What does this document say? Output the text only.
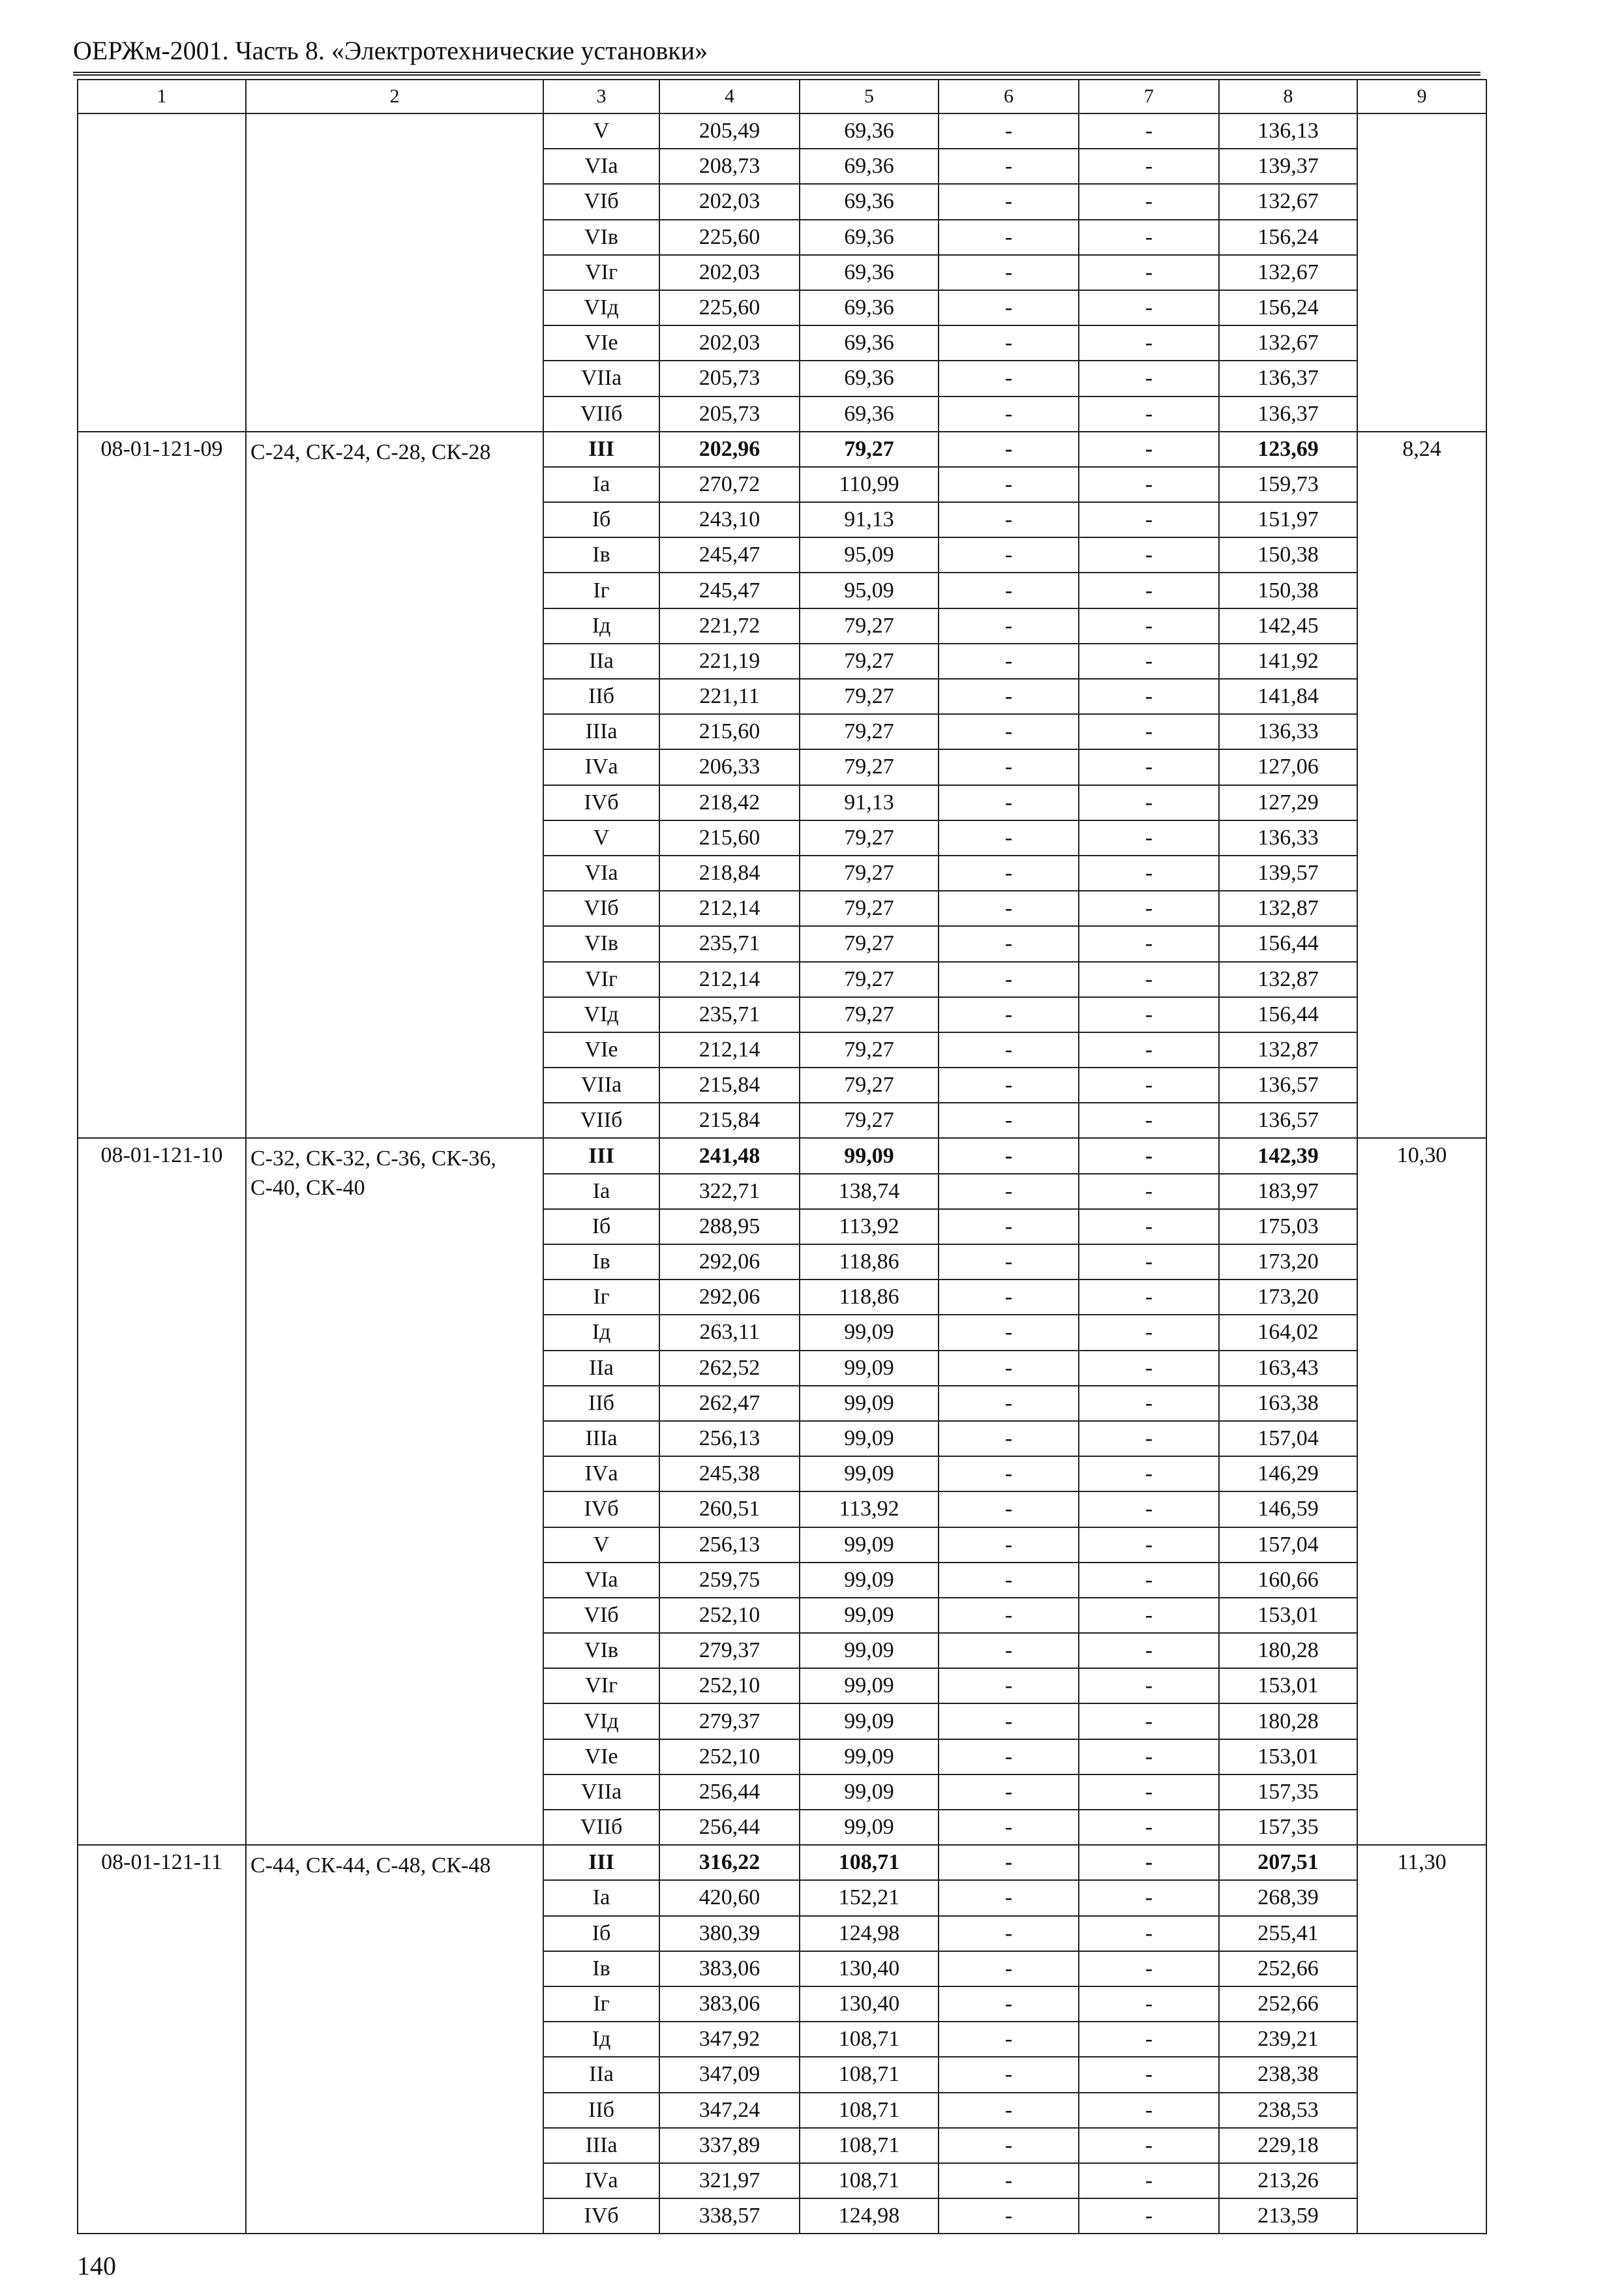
ОЕРЖм-2001. Часть 8. «Электротехнические установки»
1	2	3	4	5	6	7	8	9
		V	205,49	69,36	-	-	136,13	
		VIа	208,73	69,36	-	-	139,37	
		VIб	202,03	69,36	-	-	132,67	
		VIв	225,60	69,36	-	-	156,24	
		VIг	202,03	69,36	-	-	132,67	
		VIд	225,60	69,36	-	-	156,24	
		VIе	202,03	69,36	-	-	132,67	
		VIIа	205,73	69,36	-	-	136,37	
		VIIб	205,73	69,36	-	-	136,37	
08-01-121-09	С-24, СК-24, С-28, СК-28	III	202,96	79,27	-	-	123,69	8,24
		Iа	270,72	110,99	-	-	159,73	
		Iб	243,10	91,13	-	-	151,97	
		Iв	245,47	95,09	-	-	150,38	
		Iг	245,47	95,09	-	-	150,38	
		Iд	221,72	79,27	-	-	142,45	
		IIа	221,19	79,27	-	-	141,92	
		IIб	221,11	79,27	-	-	141,84	
		IIIа	215,60	79,27	-	-	136,33	
		IVа	206,33	79,27	-	-	127,06	
		IVб	218,42	91,13	-	-	127,29	
		V	215,60	79,27	-	-	136,33	
		VIа	218,84	79,27	-	-	139,57	
		VIб	212,14	79,27	-	-	132,87	
		VIв	235,71	79,27	-	-	156,44	
		VIг	212,14	79,27	-	-	132,87	
		VIд	235,71	79,27	-	-	156,44	
		VIе	212,14	79,27	-	-	132,87	
		VIIа	215,84	79,27	-	-	136,57	
		VIIб	215,84	79,27	-	-	136,57	
08-01-121-10	С-32, СК-32, С-36, СК-36, С-40, СК-40	III	241,48	99,09	-	-	142,39	10,30
		Iа	322,71	138,74	-	-	183,97	
		Iб	288,95	113,92	-	-	175,03	
		Iв	292,06	118,86	-	-	173,20	
		Iг	292,06	118,86	-	-	173,20	
		Iд	263,11	99,09	-	-	164,02	
		IIа	262,52	99,09	-	-	163,43	
		IIб	262,47	99,09	-	-	163,38	
		IIIа	256,13	99,09	-	-	157,04	
		IVа	245,38	99,09	-	-	146,29	
		IVб	260,51	113,92	-	-	146,59	
		V	256,13	99,09	-	-	157,04	
		VIа	259,75	99,09	-	-	160,66	
		VIб	252,10	99,09	-	-	153,01	
		VIв	279,37	99,09	-	-	180,28	
		VIг	252,10	99,09	-	-	153,01	
		VIд	279,37	99,09	-	-	180,28	
		VIе	252,10	99,09	-	-	153,01	
		VIIа	256,44	99,09	-	-	157,35	
		VIIб	256,44	99,09	-	-	157,35	
08-01-121-11	С-44, СК-44, С-48, СК-48	III	316,22	108,71	-	-	207,51	11,30
		Iа	420,60	152,21	-	-	268,39	
		Iб	380,39	124,98	-	-	255,41	
		Iв	383,06	130,40	-	-	252,66	
		Iг	383,06	130,40	-	-	252,66	
		Iд	347,92	108,71	-	-	239,21	
		IIа	347,09	108,71	-	-	238,38	
		IIб	347,24	108,71	-	-	238,53	
		IIIа	337,89	108,71	-	-	229,18	
		IVа	321,97	108,71	-	-	213,26	
		IVб	338,57	124,98	-	-	213,59	
140
